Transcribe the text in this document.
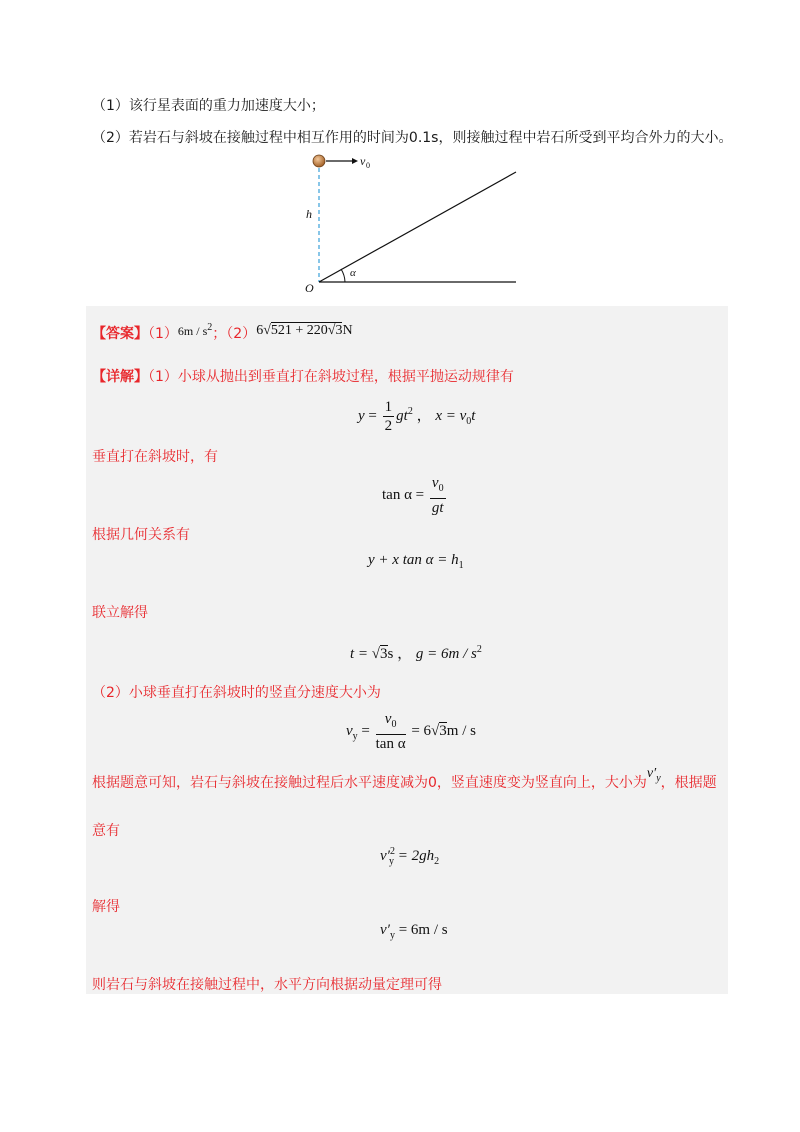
（1）该行星表面的重力加速度大小；
（2）若岩石与斜坡在接触过程中相互作用的时间为0.1s，则接触过程中岩石所受到平均合外力的大小。
v 0
h
O
α
【答案】$(1)6m / s^2$；（2）6√521 + 220√3N
【详解】（1）小球从抛出到垂直打在斜坡过程，根据平抛运动规律有
$y = \frac{1}{2} gt^2$ ， $x = v_0t$
垂直打在斜坡时，有
$\tan \alpha = \frac{v_0}{gt}$
根据几何关系有
y + x $\tan \alpha = h_1$
联立解得
t = √3s ， $g = 6m / s^2$
（2）小球垂直打在斜坡时的竖直分速度大小为
$v_y = \frac{v_0}{\text{tan α}} = 6√3m / s$
根据题意可知，岩石与斜坡在接触过程后水平速度减为0，竖直速度变为竖直向上，大小为$v'_y$，根据题
意有
$v'^2_y = 2gh_2$
解得
$v'_y = 6m / s$
则岩石与斜坡在接触过程中，水平方向根据动量定理可得
